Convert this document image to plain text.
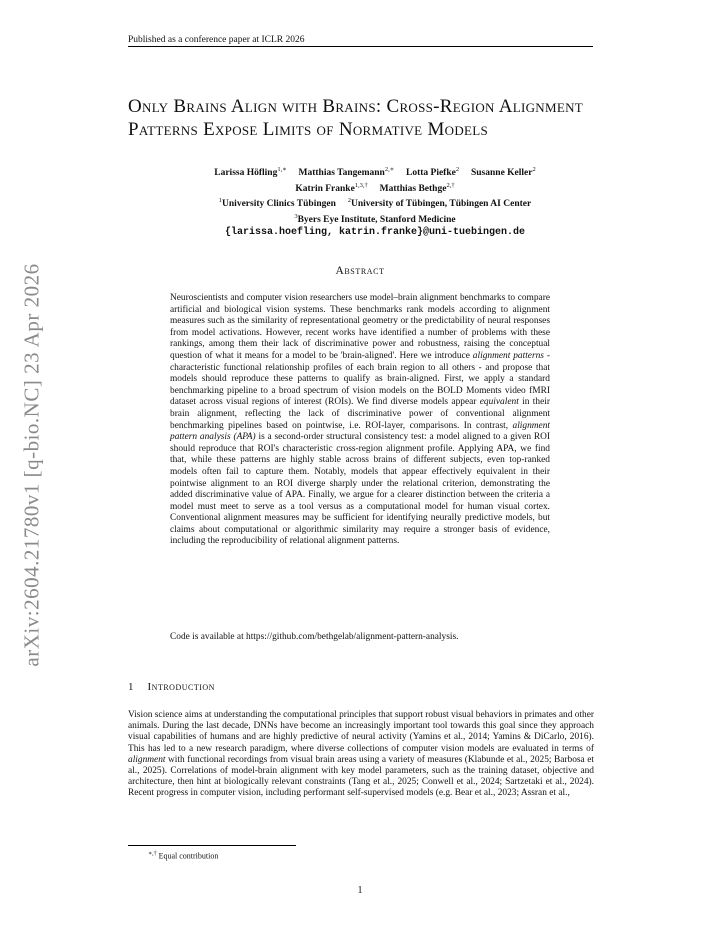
Published as a conference paper at ICLR 2026
Only Brains Align with Brains: Cross-Region Alignment Patterns Expose Limits of Normative Models
Larissa Höfling$^{1,∗}$ Matthias Tangemann$^{2,∗}$ Lotta Piefke$^2$ Susanne Keller$^2$
Katrin Franke$^{1,3,\dagger}$ Matthias Bethge$^{2,\dagger}$
$^1$University Clinics Tübingen $^2$University of Tübingen, Tübingen AI Center
$^3$Byers Eye Institute, Stanford Medicine
{larissa.hoefling, katrin.franke}@uni-tuebingen.de
arXiv:2604.21780v1 [q-bio.NC] 23 Apr 2026	Abstract
Neuroscientists and computer vision researchers use model–brain alignment benchmarks to compare artificial and biological vision systems. These benchmarks rank models according to alignment measures such as the similarity of representational geometry or the predictability of neural responses from model activations. However, recent works have identified a number of problems with these rankings, among them their lack of discriminative power and robustness, raising the conceptual question of what it means for a model to be 'brain-aligned'. Here we introduce alignment patterns - characteristic functional relationship profiles of each brain region to all others - and propose that models should reproduce these patterns to qualify as brain-aligned. First, we apply a standard benchmarking pipeline to a broad spectrum of vision models on the BOLD Moments video fMRI dataset across visual regions of interest (ROIs). We find diverse models appear equivalent in their brain alignment, reflecting the lack of discriminative power of conventional alignment benchmarking pipelines based on pointwise, i.e. ROI-layer, comparisons. In contrast, alignment pattern analysis (APA) is a second-order structural consistency test: a model aligned to a given ROI should reproduce that ROI's characteristic cross-region alignment profile. Applying APA, we find that, while these patterns are highly stable across brains of different subjects, even top-ranked models often fail to capture them. Notably, models that appear effectively equivalent in their pointwise alignment to an ROI diverge sharply under the relational criterion, demonstrating the added discriminative value of APA. Finally, we argue for a clearer distinction between the criteria a model must meet to serve as a tool versus as a computational model for human visual cortex. Conventional alignment measures may be sufficient for identifying neurally predictive models, but claims about computational or algorithmic similarity may require a stronger basis of evidence, including the reproducibility of relational alignment patterns.
Code is available at https://github.com/bethgelab/alignment-pattern-analysis.
1 Introduction
Vision science aims at understanding the computational principles that support robust visual behaviors in primates and other animals. During the last decade, DNNs have become an increasingly important tool towards this goal since they approach visual capabilities of humans and are highly predictive of neural activity (Yamins et al., 2014; Yamins & DiCarlo, 2016). This has led to a new research paradigm, where diverse collections of computer vision models are evaluated in terms of alignment with functional recordings from visual brain areas using a variety of measures (Klabunde et al., 2025; Barbosa et al., 2025). Correlations of model-brain alignment with key model parameters, such as the training dataset, objective and architecture, then hint at biologically relevant constraints (Tang et al., 2025; Conwell et al., 2024; Sartzetaki et al., 2024). Recent progress in computer vision, including performant self-supervised models (e.g. Bear et al., 2023; Assran et al.,
∗,† Equal contribution
1
